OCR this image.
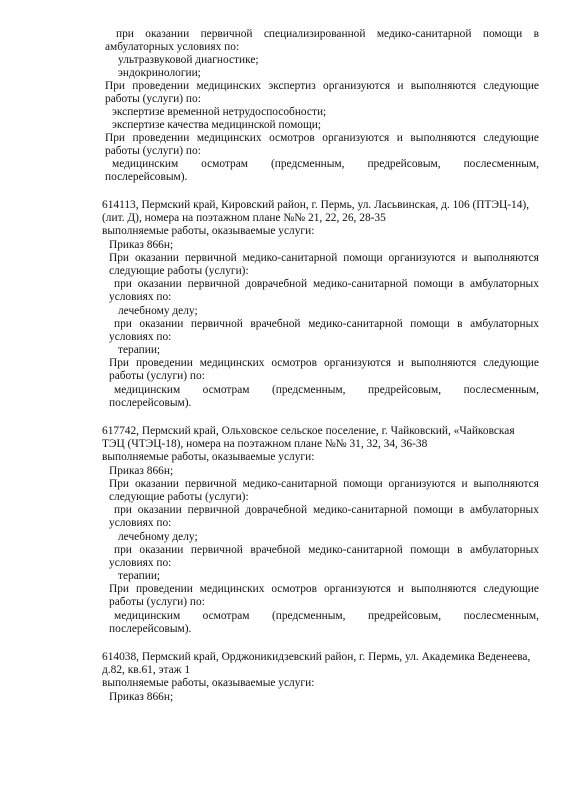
при оказании первичной специализированной медико-санитарной помощи в
амбулаторных условиях по:
ультразвуковой диагностике;
эндокринологии;
При проведении медицинских экспертиз организуются и выполняются следующие
работы (услуги) по:
экспертизе временной нетрудоспособности;
экспертизе качества медицинской помощи;
При проведении медицинских осмотров организуются и выполняются следующие
работы (услуги) по:
медицинским осмотрам (предсменным, предрейсовым, послесменным,
послерейсовым).
614113, Пермский край, Кировский район, г. Пермь, ул. Ласьвинская, д. 106 (ПТЭЦ-14),
(лит. Д), номера на поэтажном плане №№ 21, 22, 26, 28-35
выполняемые работы, оказываемые услуги:
Приказ 866н;
При оказании первичной медико-санитарной помощи организуются и выполняются
следующие работы (услуги):
при оказании первичной доврачебной медико-санитарной помощи в амбулаторных
условиях по:
лечебному делу;
при оказании первичной врачебной медико-санитарной помощи в амбулаторных
условиях по:
терапии;
При проведении медицинских осмотров организуются и выполняются следующие
работы (услуги) по:
медицинским осмотрам (предсменным, предрейсовым, послесменным,
послерейсовым).
617742, Пермский край, Ольховское сельское поселение, г. Чайковский, «Чайковская
ТЭЦ (ЧТЭЦ-18), номера на поэтажном плане №№ 31, 32, 34, 36-38
выполняемые работы, оказываемые услуги:
Приказ 866н;
При оказании первичной медико-санитарной помощи организуются и выполняются
следующие работы (услуги):
при оказании первичной доврачебной медико-санитарной помощи в амбулаторных
условиях по:
лечебному делу;
при оказании первичной врачебной медико-санитарной помощи в амбулаторных
условиях по:
терапии;
При проведении медицинских осмотров организуются и выполняются следующие
работы (услуги) по:
медицинским осмотрам (предсменным, предрейсовым, послесменным,
послерейсовым).
614038, Пермский край, Орджоникидзевский район, г. Пермь, ул. Академика Веденеева,
д.82, кв.61, этаж 1
выполняемые работы, оказываемые услуги:
Приказ 866н;
